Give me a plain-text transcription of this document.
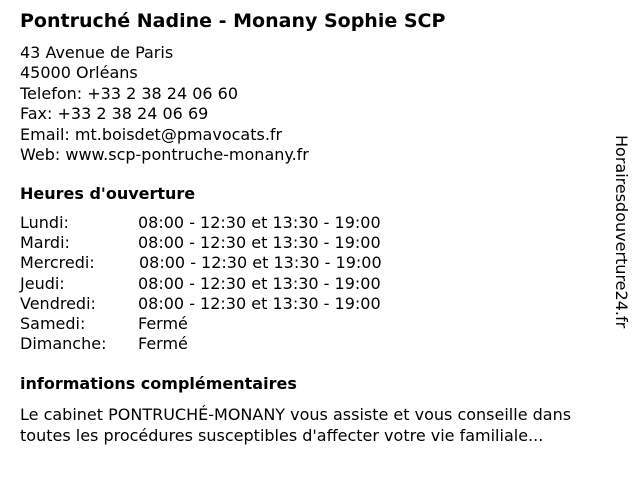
Pontruché Nadine - Monany Sophie SCP
43 Avenue de Paris
45000 Orléans
Telefon: +33 2 38 24 06 60
Fax: +33 2 38 24 06 69
Email: mt.boisdet@pmavocats.fr
Web: www.scp-pontruche-monany.fr
Heures d'ouverture
Lundi:	08:00 - 12:30 et 13:30 - 19:00
Mardi:	08:00 - 12:30 et 13:30 - 19:00
Mercredi:	08:00 - 12:30 et 13:30 - 19:00
Jeudi:	08:00 - 12:30 et 13:30 - 19:00
Vendredi:	08:00 - 12:30 et 13:30 - 19:00
Samedi:	Fermé
Dimanche: Fermé
informations complémentaires
Le cabinet PONTRUCHÉ-MONANY vous assiste et vous conseille dans toutes les procédures susceptibles d'affecter votre vie familiale...
Horairesdouverture24.fr
